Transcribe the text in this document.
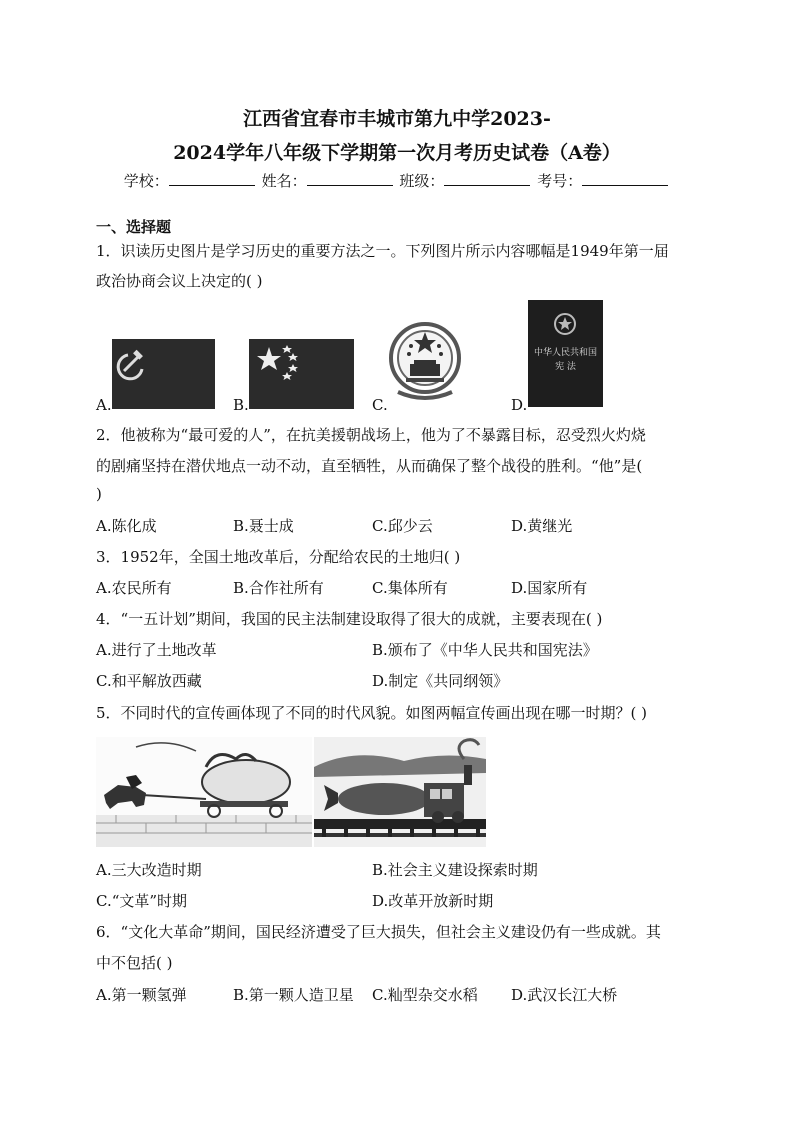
江西省宜春市丰城市第九中学2023-
2024学年八年级下学期第一次月考历史试卷（A卷）
学校：	姓名：	班级：	考号：
一、选择题
1．识读历史图片是学习历史的重要方法之一。下列图片所示内容哪幅是1949年第一届
政治协商会议上决定的( )
中华人民共和国
宪 法
A.	B.	C.	D.
2．他被称为“最可爱的人”，在抗美援朝战场上，他为了不暴露目标，忍受烈火灼烧
的剧痛坚持在潜伏地点一动不动，直至牺牲，从而确保了整个战役的胜利。“他”是(
)
A.陈化成	B.聂士成	C.邱少云	D.黄继光
3．1952年，全国土地改革后，分配给农民的土地归( )
A.农民所有	B.合作社所有	C.集体所有	D.国家所有
4．“一五计划”期间，我国的民主法制建设取得了很大的成就，主要表现在( )
A.进行了土地改革	B.颁布了《中华人民共和国宪法》
C.和平解放西藏	D.制定《共同纲领》
5．不同时代的宣传画体现了不同的时代风貌。如图两幅宣传画出现在哪一时期？( )
A.三大改造时期	B.社会主义建设探索时期
C.“文革”时期	D.改革开放新时期
6．“文化大革命”期间，国民经济遭受了巨大损失，但社会主义建设仍有一些成就。其
中不包括( )
A.第一颗氢弹	B.第一颗人造卫星 C.籼型杂交水稻 D.武汉长江大桥
